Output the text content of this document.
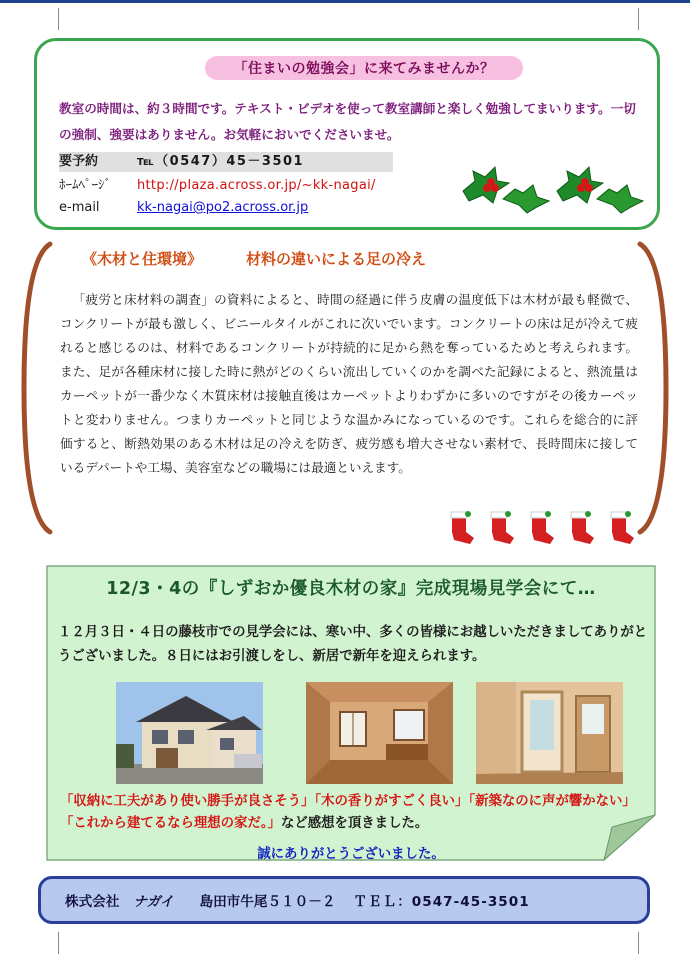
「住まいの勉強会」に来てみませんか？
教室の時間は、約３時間です。テキスト・ビデオを使って教室講師と楽しく勉強してまいります。一切の強制、強要はありません。お気軽においでくださいませ。
要予約	℡（0547）45－3501
ﾎｰﾑﾍﾟｰｼﾞ http://plaza.across.or.jp/~kk-nagai/
e-mail	kk-nagai@po2.across.or.jp
《木材と住環境》	材料の違いによる足の冷え

「疲労と床材料の調査」の資料によると、時間の経過に伴う皮膚の温度低下は木材が最も軽微で、コンクリートが最も激しく、ビニールタイルがこれに次いでいます。コンクリートの床は足が冷えて疲れると感じるのは、材料であるコンクリートが持続的に足から熱を奪っているためと考えられます。また、足が各種床材に接した時に熱がどのくらい流出していくのかを調べた記録によると、熱流量はカーペットが一番少なく木質床材は接触直後はカーペットよりわずかに多いのですがその後カーペットと変わりません。つまりカーペットと同じような温かみになっているのです。これらを総合的に評価すると、断熱効果のある木材は足の冷えを防ぎ、疲労感も増大させない素材で、長時間床に接しているデパートや工場、美容室などの職場には最適といえます。

12/3・4の『しずおか優良木材の家』完成現場見学会にて…
１２月３日・４日の藤枝市での見学会には、寒い中、多くの皆様にお越しいただきましてありがとうございました。８日にはお引渡しをし、新居で新年を迎えられます。
「収納に工夫があり使い勝手が良さそう」「木の香りがすごく良い」「新築なのに声が響かない」「これから建てるなら理想の家だ。」など感想を頂きました。
誠にありがとうございました。
株式会社 ナガイ 島田市牛尾５１０－２ ＴＥＬ：0547-45-3501
